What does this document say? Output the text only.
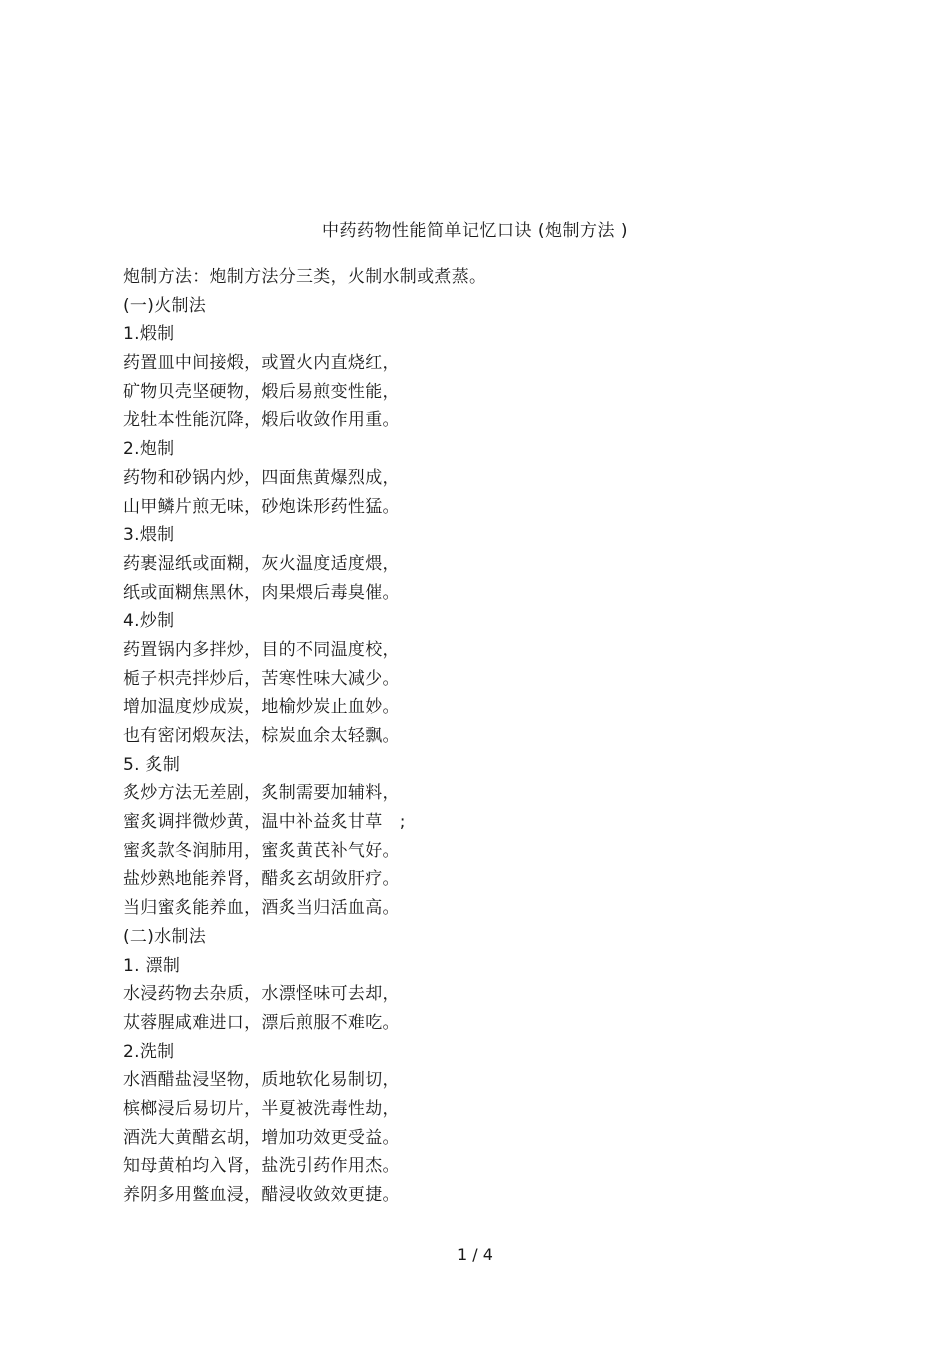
中药药物性能简单记忆口诀 (炮制方法 )
炮制方法：炮制方法分三类，火制水制或煮蒸。
(一)火制法
1.煅制
药置皿中间接煅，或置火内直烧红，
矿物贝壳坚硬物，煅后易煎变性能，
龙牡本性能沉降，煅后收敛作用重。
2.炮制
药物和砂锅内炒，四面焦黄爆烈成，
山甲鳞片煎无味，砂炮诛形药性猛。
3.煨制
药裹湿纸或面糊，灰火温度适度煨，
纸或面糊焦黑休，肉果煨后毒臭催。
4.炒制
药置锅内多拌炒，目的不同温度校，
栀子枳壳拌炒后，苦寒性味大减少。
增加温度炒成炭，地榆炒炭止血妙。
也有密闭煅灰法，棕炭血余太轻飘。
5. 炙制
炙炒方法无差剧，炙制需要加辅料，
蜜炙调拌微炒黄，温中补益炙甘草　;
蜜炙款冬润肺用，蜜炙黄芪补气好。
盐炒熟地能养肾，醋炙玄胡敛肝疗。
当归蜜炙能养血，酒炙当归活血高。
(二)水制法
1. 漂制
水浸药物去杂质，水漂怪味可去却，
苁蓉腥咸难进口，漂后煎服不难吃。
2.洗制
水酒醋盐浸坚物，质地软化易制切，
槟榔浸后易切片，半夏被洗毒性劫，
酒洗大黄醋玄胡，增加功效更受益。
知母黄柏均入肾，盐洗引药作用杰。
养阴多用鳖血浸，醋浸收敛效更捷。
1 / 4
